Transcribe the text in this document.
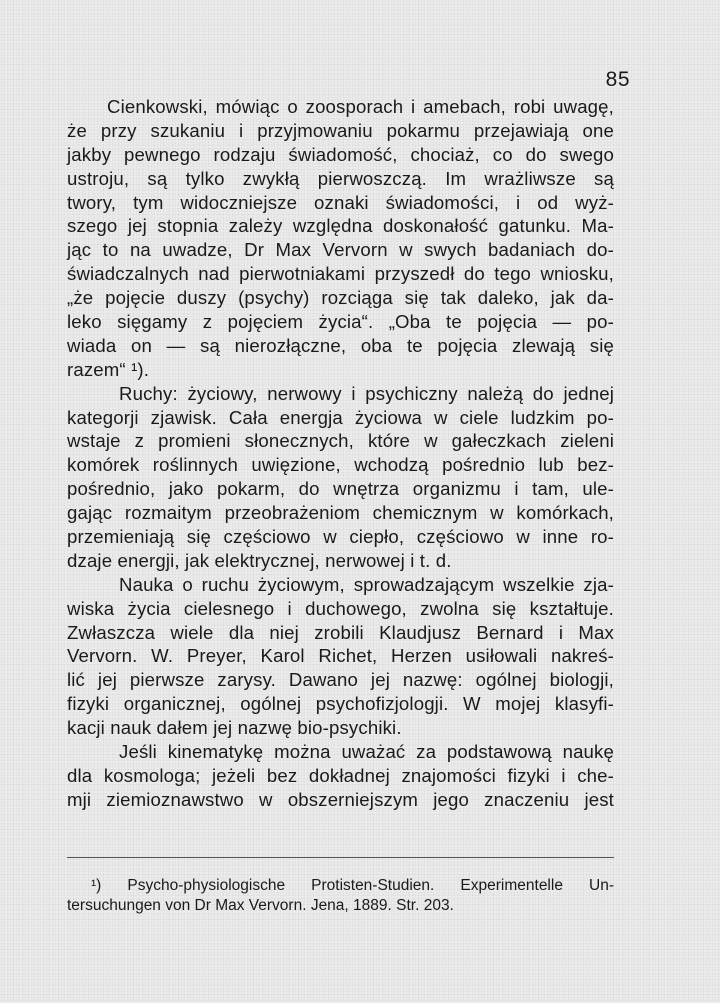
85
Cienkowski, mówiąc o zoosporach i amebach, robi uwagę,
że przy szukaniu i przyjmowaniu pokarmu przejawiają one
jakby pewnego rodzaju świadomość, chociaż, co do swego
ustroju, są tylko zwykłą pierwoszczą. Im wrażliwsze są
twory, tym widoczniejsze oznaki świadomości, i od wyż-
szego jej stopnia zależy względna doskonałość gatunku. Ma-
jąc to na uwadze, Dr Max Vervorn w swych badaniach do-
świadczalnych nad pierwotniakami przyszedł do tego wniosku,
„że pojęcie duszy (psychy) rozciąga się tak daleko, jak da-
leko sięgamy z pojęciem życia“. „Oba te pojęcia — po-
wiada on — są nierozłączne, oba te pojęcia zlewają się
razem“ ¹).
Ruchy: życiowy, nerwowy i psychiczny należą do jednej
kategorji zjawisk. Cała energja życiowa w ciele ludzkim po-
wstaje z promieni słonecznych, które w gałeczkach zieleni
komórek roślinnych uwięzione, wchodzą pośrednio lub bez-
pośrednio, jako pokarm, do wnętrza organizmu i tam, ule-
gając rozmaitym przeobrażeniom chemicznym w komórkach,
przemieniają się częściowo w ciepło, częściowo w inne ro-
dzaje energji, jak elektrycznej, nerwowej i t. d.
Nauka o ruchu życiowym, sprowadzającym wszelkie zja-
wiska życia cielesnego i duchowego, zwolna się kształtuje.
Zwłaszcza wiele dla niej zrobili Klaudjusz Bernard i Max
Vervorn. W. Preyer, Karol Richet, Herzen usiłowali nakreś-
lić jej pierwsze zarysy. Dawano jej nazwę: ogólnej biologji,
fizyki organicznej, ogólnej psychofizjologji. W mojej klasyfi-
kacji nauk dałem jej nazwę bio-psychiki.
Jeśli kinematykę można uważać za podstawową naukę
dla kosmologa; jeżeli bez dokładnej znajomości fizyki i che-
mji ziemioznawstwo w obszerniejszym jego znaczeniu jest
¹) Psycho-physiologische Protisten-Studien. Experimentelle Un-
tersuchungen von Dr Max Vervorn. Jena, 1889. Str. 203.
